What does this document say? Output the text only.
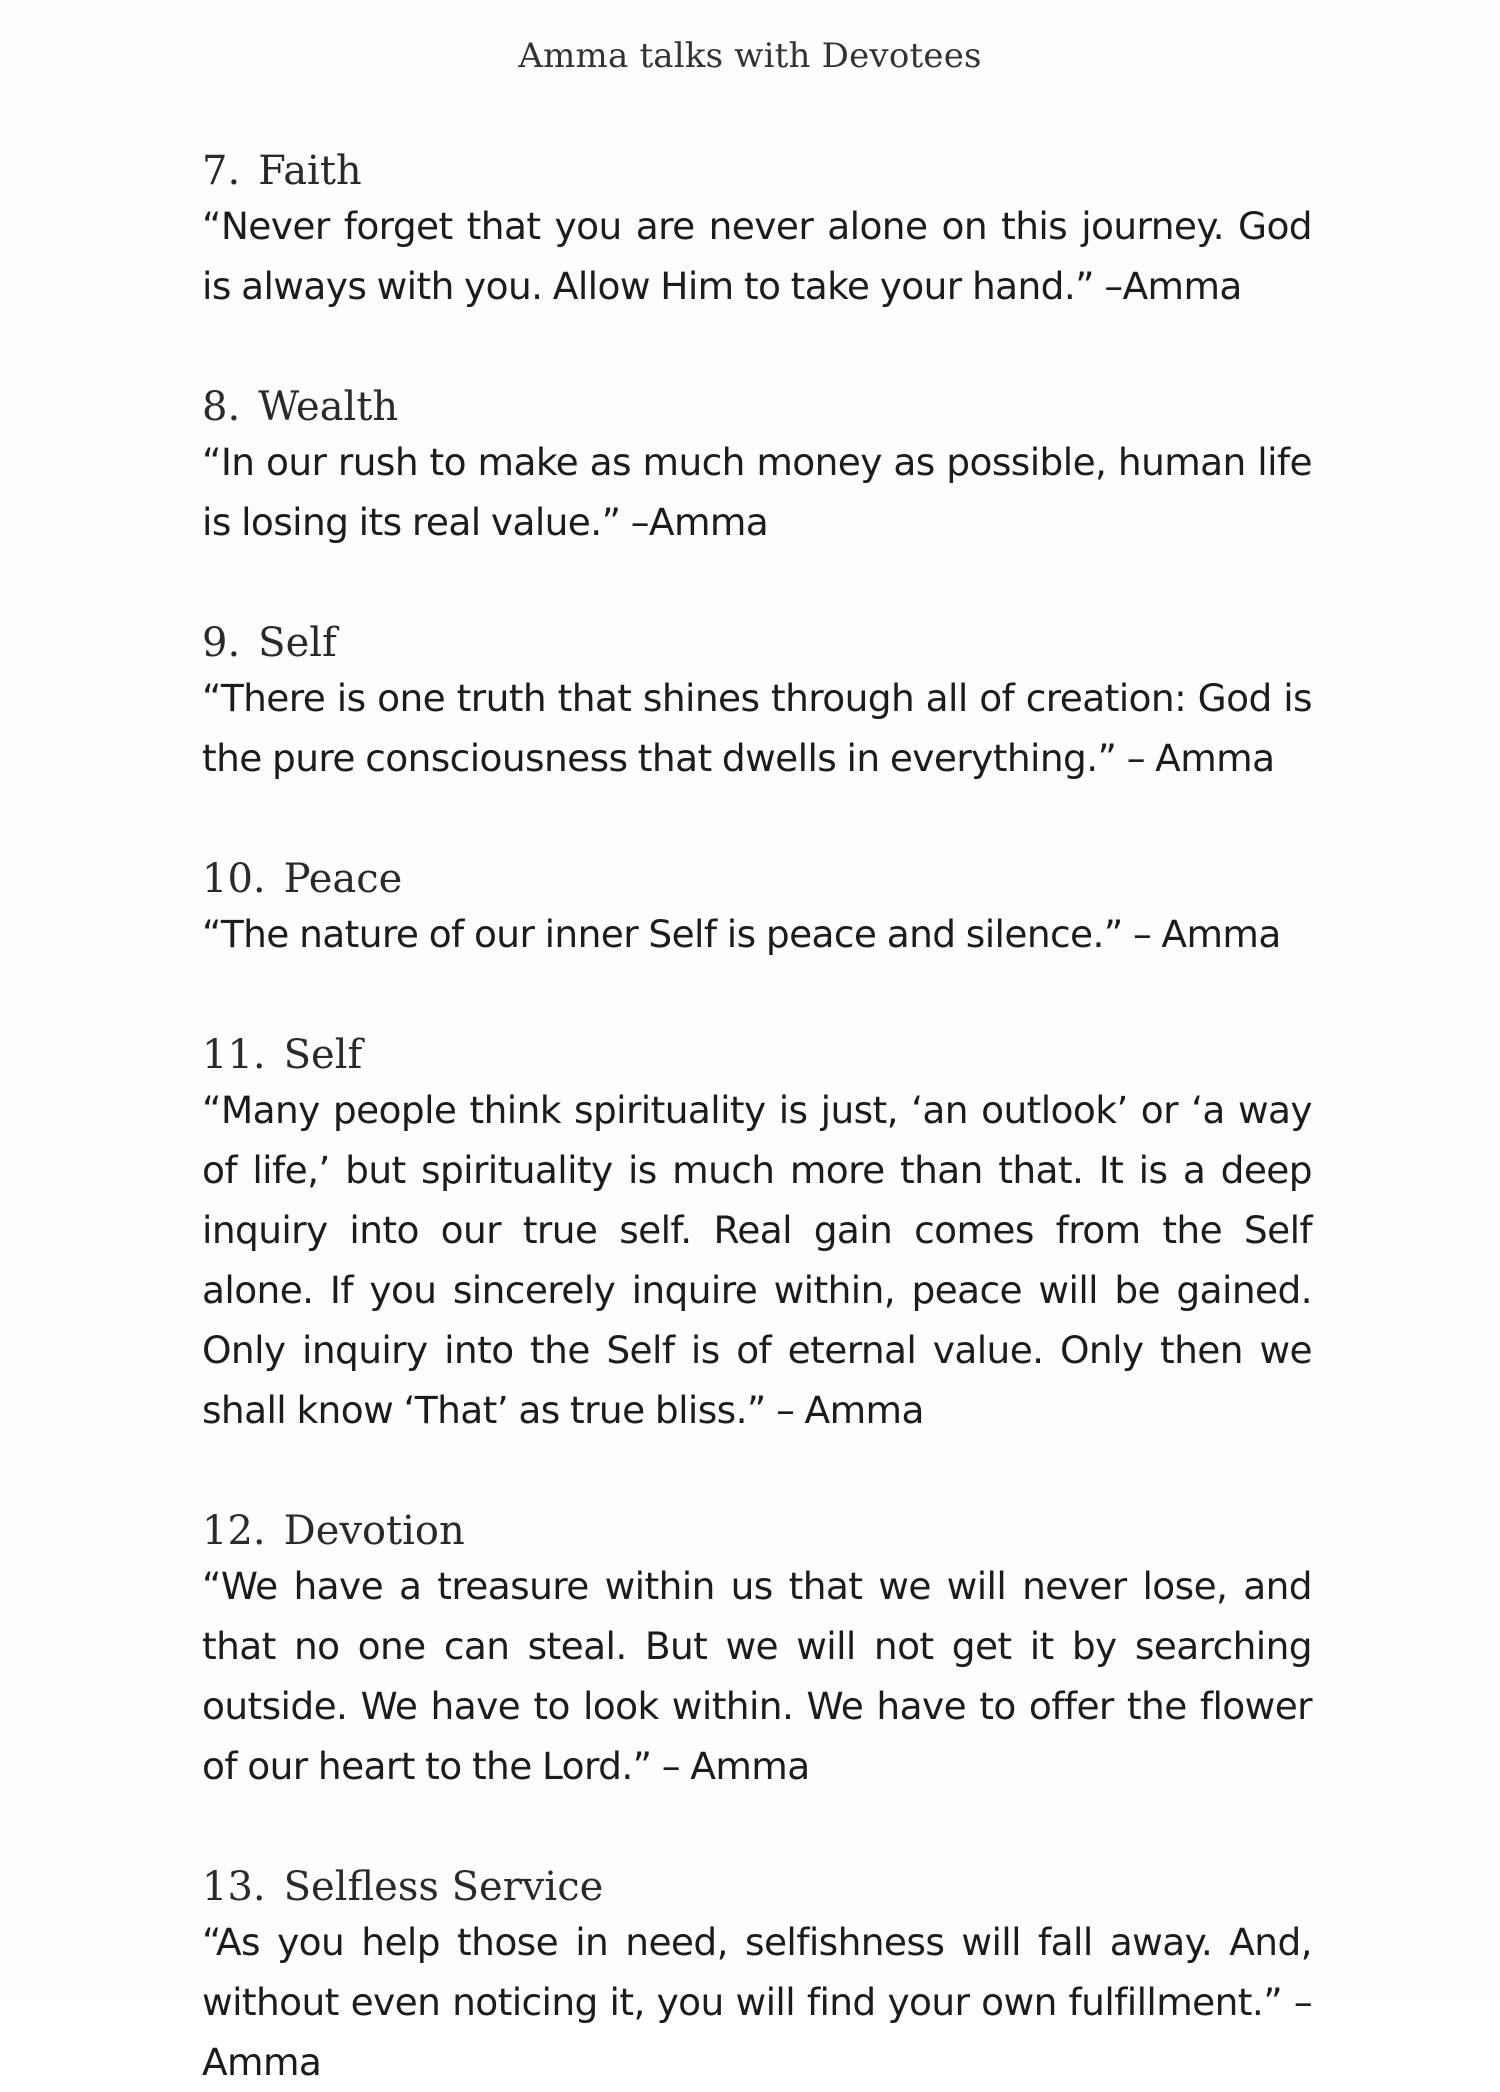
Amma talks with Devotees
7. Faith

“Never forget that you are never alone on this journey. God is always with you. Allow Him to take your hand.” –Amma

8. Wealth

“In our rush to make as much money as possible, human life is losing its real value.” –Amma

9. Self

“There is one truth that shines through all of creation: God is the pure consciousness that dwells in everything.” – Amma

10. Peace

“The nature of our inner Self is peace and silence.” – Amma

11. Self

“Many people think spirituality is just, ‘an outlook’ or ‘a way of life,’ but spirituality is much more than that. It is a deep inquiry into our true self. Real gain comes from the Self alone. If you sincerely inquire within, peace will be gained. Only inquiry into the Self is of eternal value. Only then we shall know ‘That’ as true bliss.” – Amma

12. Devotion

“We have a treasure within us that we will never lose, and that no one can steal. But we will not get it by searching outside. We have to look within. We have to offer the flower of our heart to the Lord.” – Amma

13. Selfless Service

“As you help those in need, selfishness will fall away. And, without even noticing it, you will find your own fulfillment.” –Amma
